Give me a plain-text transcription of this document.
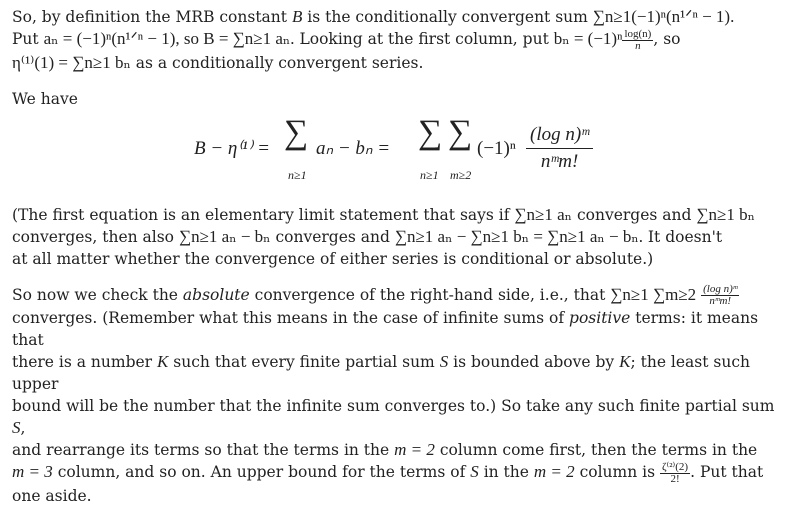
So, by definition the MRB constant B is the conditionally convergent sum ∑n≥1(−1)ⁿ(n¹ᐟⁿ − 1).
Put aₙ = (−1)ⁿ(n¹ᐟⁿ − 1), so B = ∑n≥1 aₙ. Looking at the first column, put $b_n = (-1)^n \frac{\log(n)}{n}$ , so
η⁽¹⁾(1) = ∑n≥1 bₙ as a conditionally convergent series.
We have
B − η⁽¹⁾ = ∑
n≥1
aₙ − bₙ = ∑
n≥1
∑
m≥2
(−1)ⁿ
(log n)ᵐ
nᵐm!
(The first equation is an elementary limit statement that says if ∑n≥1 aₙ converges and ∑n≥1 bₙ
converges, then also ∑n≥1 aₙ − bₙ converges and ∑n≥1 aₙ − ∑n≥1 bₙ = ∑n≥1 aₙ − bₙ. It doesn't
at all matter whether the convergence of either series is conditional or absolute.)
So now we check the absolute convergence of the right-hand side, i.e., that ∑n≥1 $\sum m\ge 2 \frac{\text{(log n)ᵐ}}{\text{nᵐm!}}$
converges. (Remember what this means in the case of infinite sums of positive terms: it means that
there is a number K such that every finite partial sum S is bounded above by K; the least such upper
bound will be the number that the infinite sum converges to.) So take any such finite partial sum S,
and rearrange its terms so that the terms in the m = 2 column come first, then the terms in the
m = 3 column, and so on. An upper bound for the terms of S in the m = 2 column is $\frac{\text{ζ⁽²⁾(2)}}{2!}$ . Put that
one aside.
